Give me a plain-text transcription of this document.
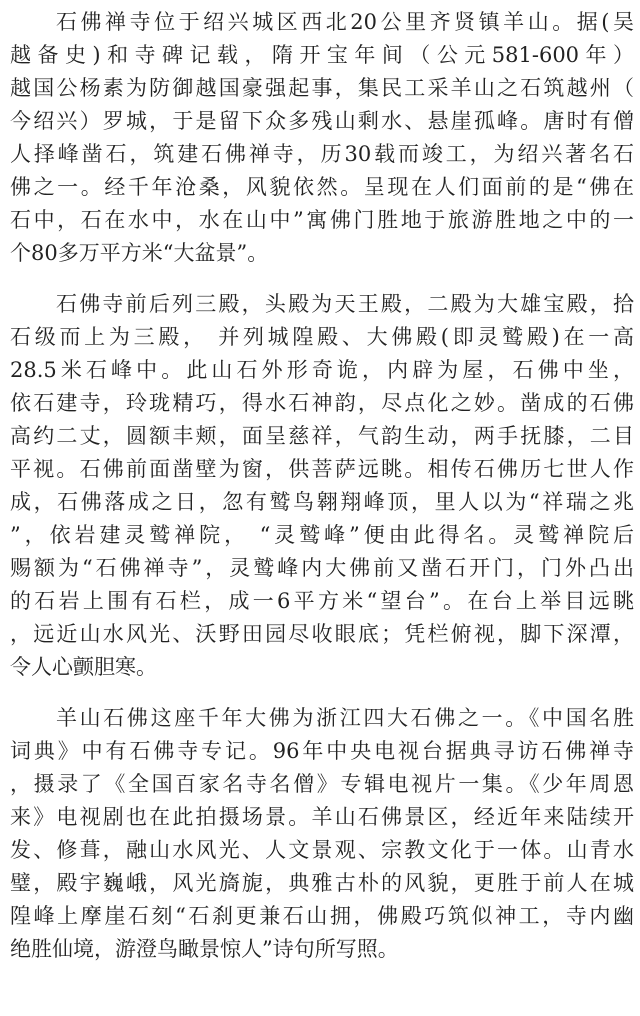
石佛禅寺位于绍兴城区西北20公里齐贤镇羊山。据(吴
越备史)和寺碑记载，隋开宝年间（公元581-600年）
越国公杨素为防御越国豪强起事，集民工采羊山之石筑越州（
今绍兴）罗城，于是留下众多残山剩水、悬崖孤峰。唐时有僧
人择峰凿石，筑建石佛禅寺，历30载而竣工，为绍兴著名石
佛之一。经千年沧桑，风貌依然。呈现在人们面前的是“佛在
石中，石在水中，水在山中”寓佛门胜地于旅游胜地之中的一
个80多万平方米“大盆景”。
石佛寺前后列三殿，头殿为天王殿，二殿为大雄宝殿，拾
石级而上为三殿， 并列城隍殿、大佛殿(即灵鹫殿)在一高
28.5米石峰中。此山石外形奇诡，内辟为屋，石佛中坐，
依石建寺，玲珑精巧，得水石神韵，尽点化之妙。凿成的石佛
高约二丈，圆额丰颊，面呈慈祥，气韵生动，两手抚膝，二目
平视。石佛前面凿壁为窗，供菩萨远眺。相传石佛历七世人作
成，石佛落成之日，忽有鹫鸟翱翔峰顶，里人以为“祥瑞之兆
”，依岩建灵鹫禅院， “灵鹫峰”便由此得名。灵鹫禅院后
赐额为“石佛禅寺”，灵鹫峰内大佛前又凿石开门，门外凸出
的石岩上围有石栏，成一6平方米“望台”。在台上举目远眺
，远近山水风光、沃野田园尽收眼底；凭栏俯视，脚下深潭，
令人心颤胆寒。
羊山石佛这座千年大佛为浙江四大石佛之一。《中国名胜
词典》中有石佛寺专记。96年中央电视台据典寻访石佛禅寺
，摄录了《全国百家名寺名僧》专辑电视片一集。《少年周恩
来》电视剧也在此拍摄场景。羊山石佛景区，经近年来陆续开
发、修葺，融山水风光、人文景观、宗教文化于一体。山青水
璧，殿宇巍峨，风光旖旎，典雅古朴的风貌，更胜于前人在城
隍峰上摩崖石刻“石刹更兼石山拥，佛殿巧筑似神工，寺内幽
绝胜仙境，游澄鸟瞰景惊人”诗句所写照。
